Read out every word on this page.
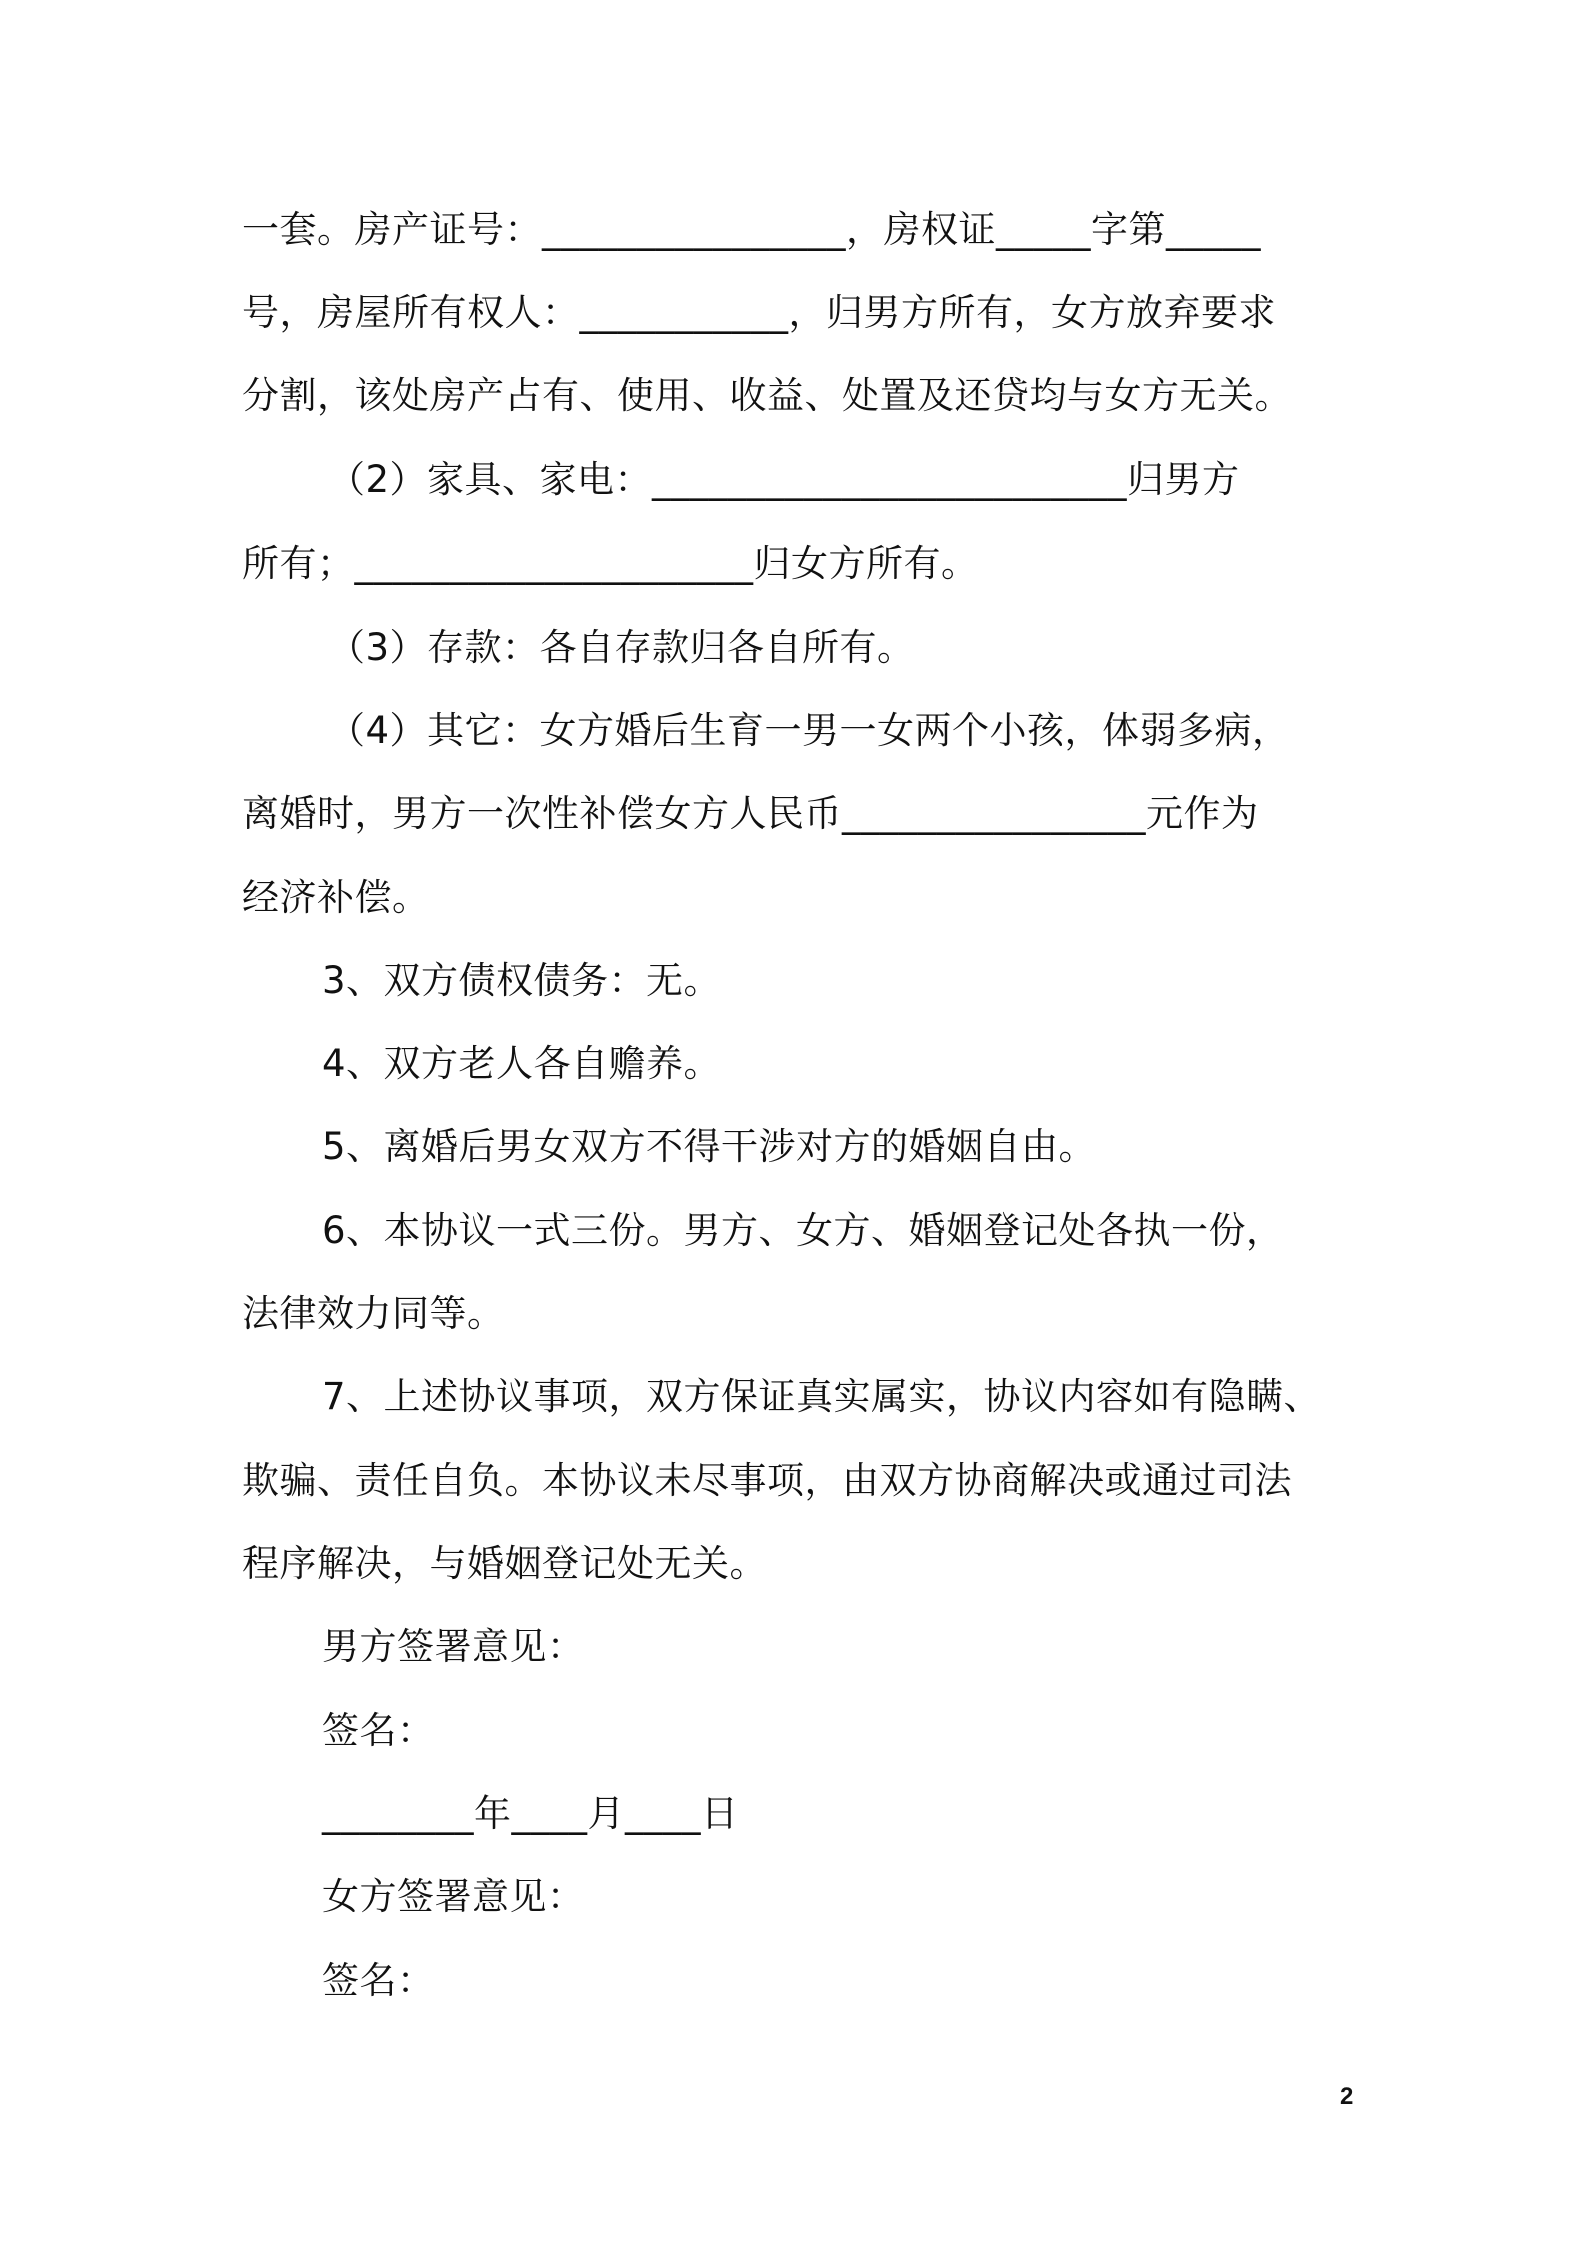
一套。房产证号：________________，房权证_____字第_____
号，房屋所有权人：___________，归男方所有，女方放弃要求
分割，该处房产占有、使用、收益、处置及还贷均与女方无关。
（2）家具、家电：_________________________归男方
所有；_____________________归女方所有。
（3）存款：各自存款归各自所有。
（4）其它：女方婚后生育一男一女两个小孩，体弱多病，
离婚时，男方一次性补偿女方人民币________________元作为
经济补偿。
3、双方债权债务：无。
4、双方老人各自赡养。
5、离婚后男女双方不得干涉对方的婚姻自由。
6、本协议一式三份。男方、女方、婚姻登记处各执一份，
法律效力同等。
7、上述协议事项，双方保证真实属实，协议内容如有隐瞒、
欺骗、责任自负。本协议未尽事项，由双方协商解决或通过司法
程序解决，与婚姻登记处无关。
男方签署意见：
签名：
________年____月____日
女方签署意见：
签名：
2
